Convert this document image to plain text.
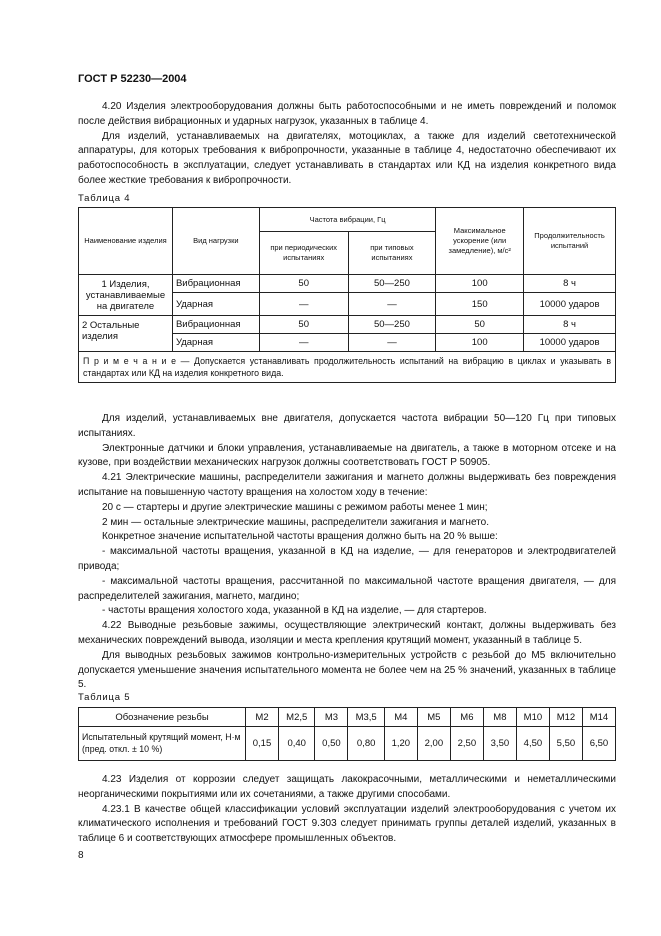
ГОСТ Р 52230—2004

4.20 Изделия электрооборудования должны быть работоспособными и не иметь повреждений и поломок после действия вибрационных и ударных нагрузок, указанных в таблице 4.

Для изделий, устанавливаемых на двигателях, мотоциклах, а также для изделий светотехнической аппаратуры, для которых требования к вибропрочности, указанные в таблице 4, недостаточно обеспечивают их работоспособность в эксплуатации, следует устанавливать в стандартах или КД на изделия конкретного вида более жесткие требования к вибропрочности.

Таблица 4
Наименование изделия	Вид нагрузки	Частота вибрации, Гц		Максимальное ускорение (или замедление), м/с²	Продолжительность испытаний
		при периодических испытаниях	при типовых испытаниях		
1 Изделия, устанавливаемые на двигателе	Вибрационная	50	50—250	100	8 ч
	Ударная	—	—	150	10000 ударов
2 Остальные изделия	Вибрационная	50	50—250	50	8 ч
	Ударная	—	—	100	10000 ударов
П р и м е ч а н и е — Допускается устанавливать продолжительность испытаний на вибрацию в циклах и указывать в стандартах или КД на изделия конкретного вида.					

Для изделий, устанавливаемых вне двигателя, допускается частота вибрации 50—120 Гц при типовых испытаниях.

Электронные датчики и блоки управления, устанавливаемые на двигатель, а также в моторном отсеке и на кузове, при воздействии механических нагрузок должны соответствовать ГОСТ Р 50905.

4.21 Электрические машины, распределители зажигания и магнето должны выдерживать без повреждения испытание на повышенную частоту вращения на холостом ходу в течение:

20 с — стартеры и другие электрические машины с режимом работы менее 1 мин;

2 мин — остальные электрические машины, распределители зажигания и магнето.

Конкретное значение испытательной частоты вращения должно быть на 20 % выше:

- максимальной частоты вращения, указанной в КД на изделие, — для генераторов и электродвигателей привода;

- максимальной частоты вращения, рассчитанной по максимальной частоте вращения двигателя, — для распределителей зажигания, магнето, магдино;

- частоты вращения холостого хода, указанной в КД на изделие, — для стартеров.

4.22 Выводные резьбовые зажимы, осуществляющие электрический контакт, должны выдерживать без механических повреждений вывода, изоляции и места крепления крутящий момент, указанный в таблице 5.

Для выводных резьбовых зажимов контрольно-измерительных устройств с резьбой до М5 включительно допускается уменьшение значения испытательного момента не более чем на 25 % значений, указанных в таблице 5.

Таблица 5
Обозначение резьбы	М2	М2,5	М3	М3,5	М4	М5	М6	М8	М10	М12	М14
Испытательный крутящий момент, Н·м (пред. откл. ± 10 %)	0,15	0,40	0,50	0,80	1,20	2,00	2,50	3,50	4,50	5,50	6,50

4.23 Изделия от коррозии следует защищать лакокрасочными, металлическими и неметаллическими неорганическими покрытиями или их сочетаниями, а также другими способами.

4.23.1 В качестве общей классификации условий эксплуатации изделий электрооборудования с учетом их климатического исполнения и требований ГОСТ 9.303 следует принимать группы деталей изделий, указанных в таблице 6 и соответствующих атмосфере промышленных объектов.

8
